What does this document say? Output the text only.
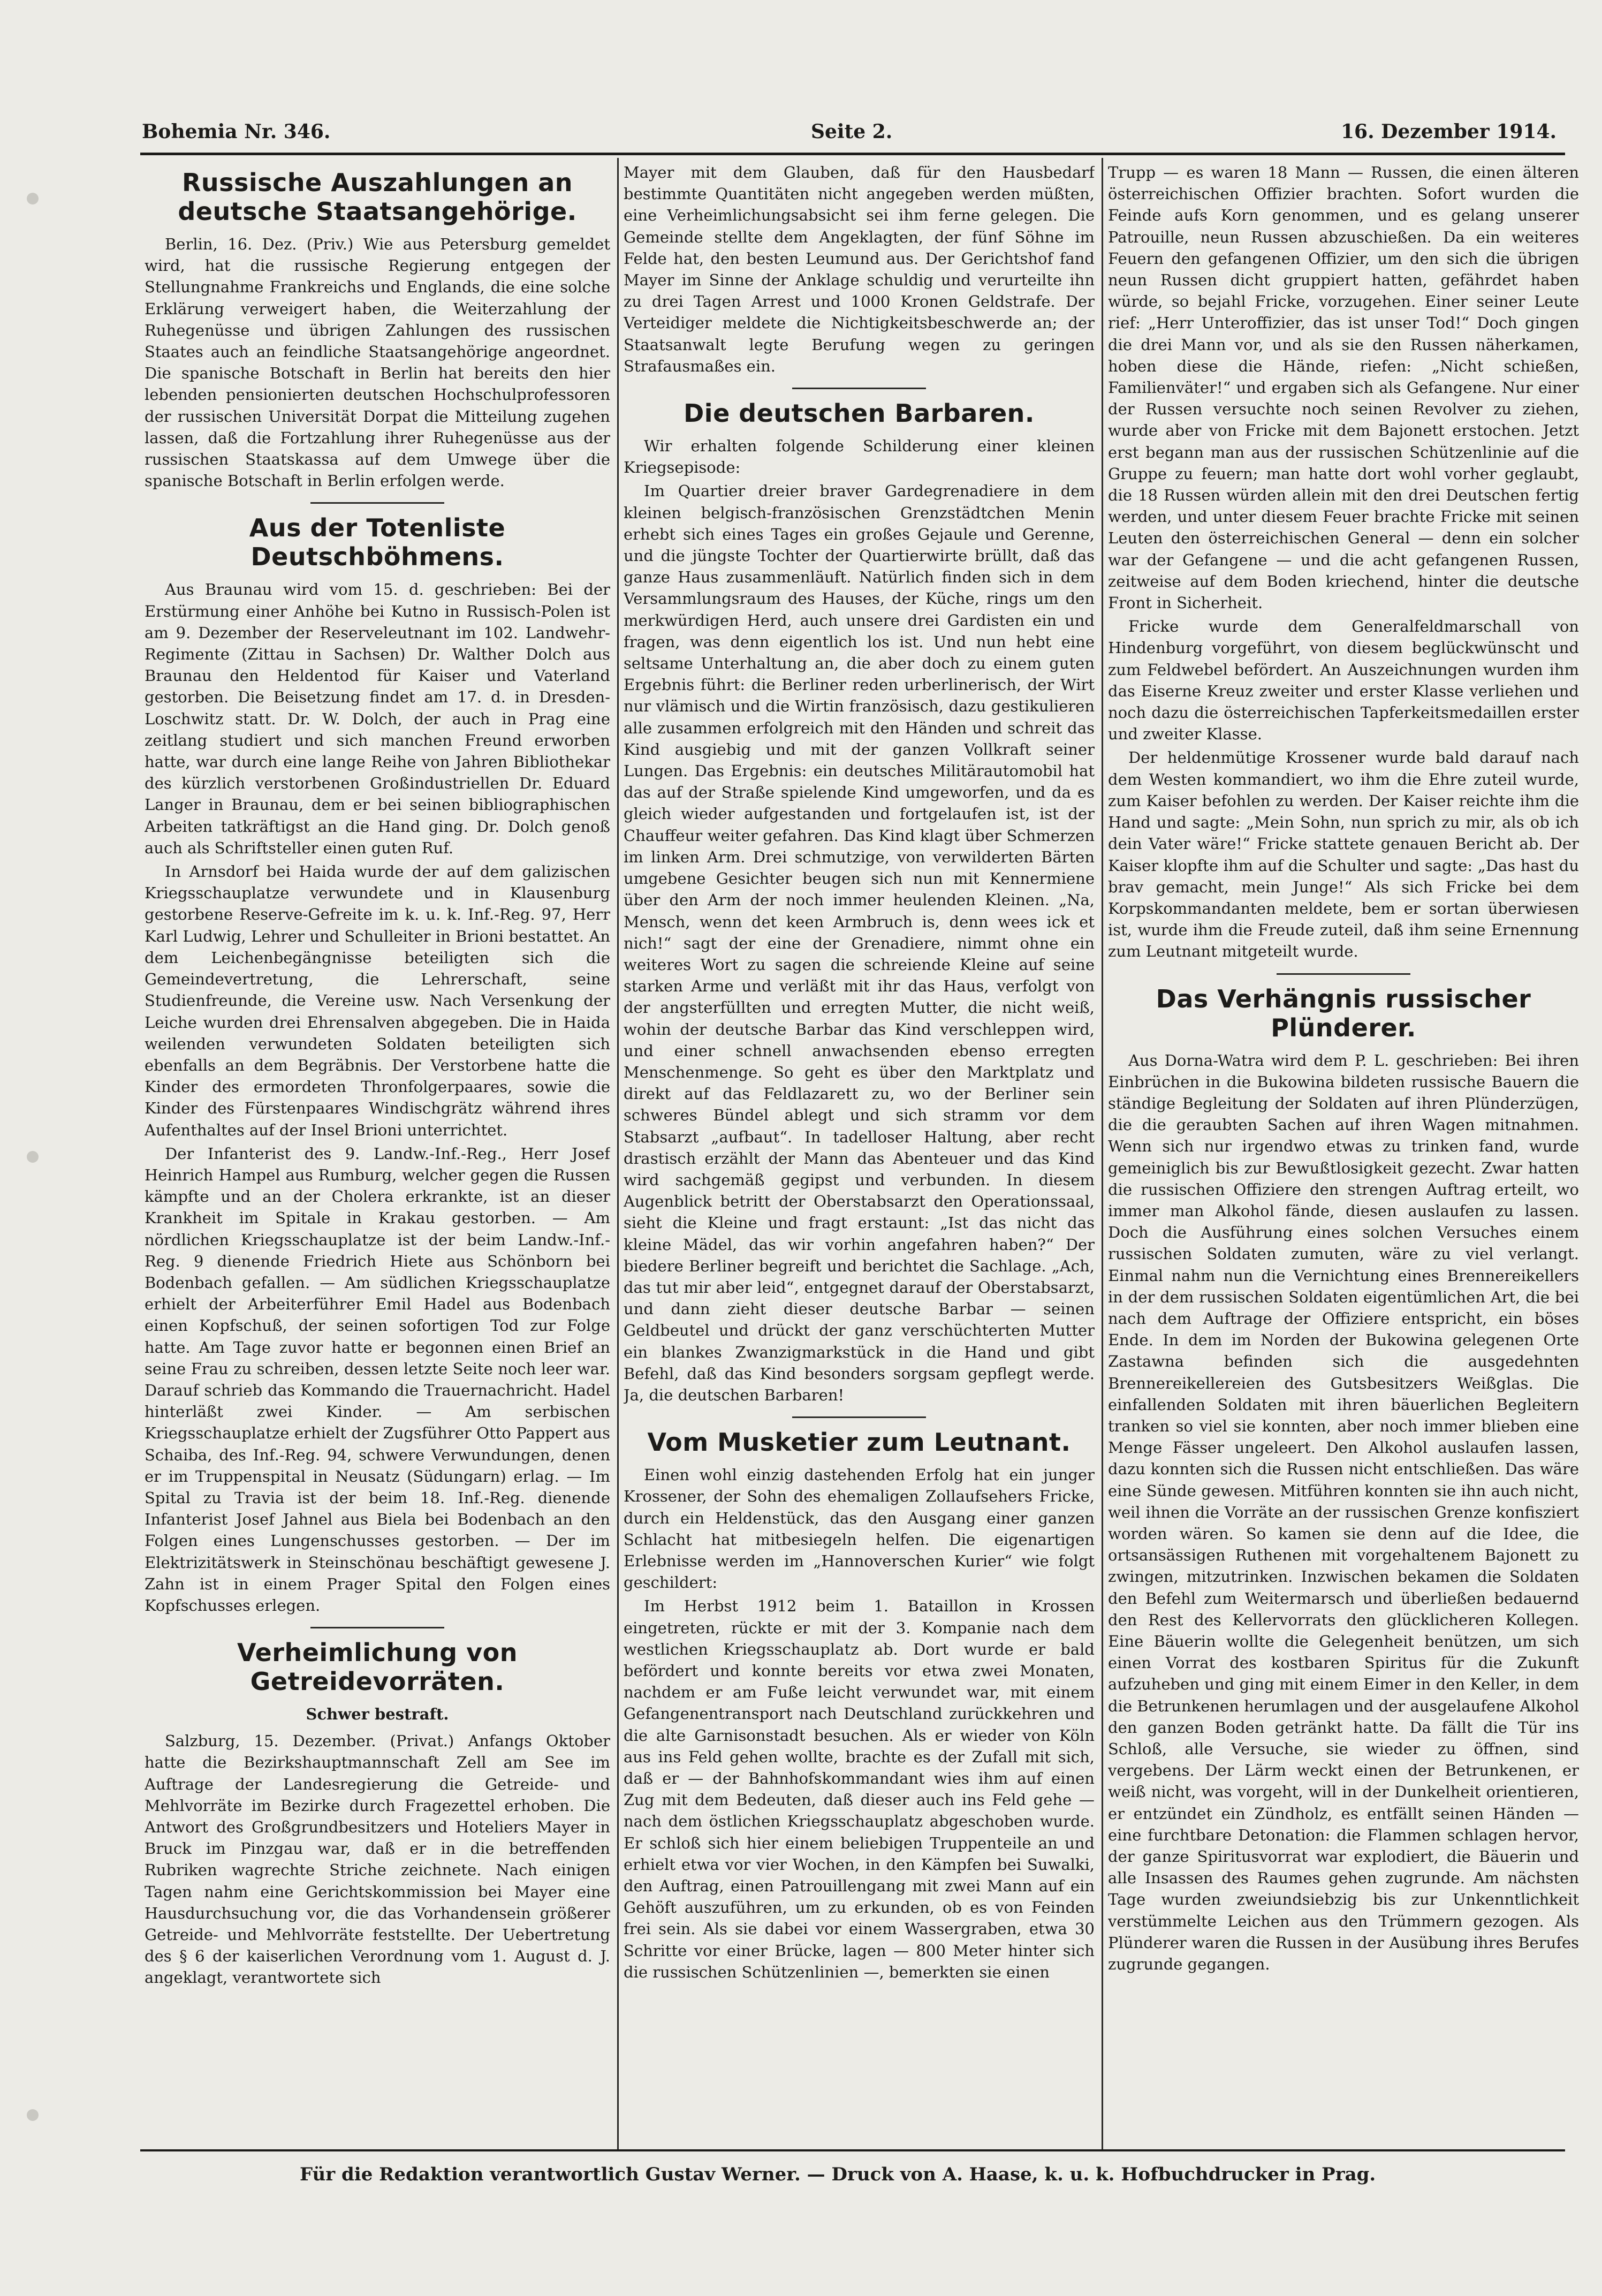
Bohemia Nr. 346.	Seite 2.	16. Dezember 1914.
Russische Auszahlungen an deutsche Staatsangehörige.

Berlin, 16. Dez. (Priv.) Wie aus Petersburg gemeldet wird, hat die russische Regierung entgegen der Stellungnahme Frankreichs und Englands, die eine solche Erklärung verweigert haben, die Weiterzahlung der Ruhegenüsse und übrigen Zahlungen des russischen Staates auch an feindliche Staatsangehörige angeordnet. Die spanische Botschaft in Berlin hat bereits den hier lebenden pensionierten deutschen Hochschulprofessoren der russischen Universität Dorpat die Mitteilung zugehen lassen, daß die Fortzahlung ihrer Ruhegenüsse aus der russischen Staatskassa auf dem Umwege über die spanische Botschaft in Berlin erfolgen werde.

Aus der Totenliste Deutschböhmens.

Aus Braunau wird vom 15. d. geschrieben: Bei der Erstürmung einer Anhöhe bei Kutno in Russisch-Polen ist am 9. Dezember der Reserveleutnant im 102. Landwehr-Regimente (Zittau in Sachsen) Dr. Walther Dolch aus Braunau den Heldentod für Kaiser und Vaterland gestorben. Die Beisetzung findet am 17. d. in Dresden-Loschwitz statt. Dr. W. Dolch, der auch in Prag eine zeitlang studiert und sich manchen Freund erworben hatte, war durch eine lange Reihe von Jahren Bibliothekar des kürzlich verstorbenen Großindustriellen Dr. Eduard Langer in Braunau, dem er bei seinen bibliographischen Arbeiten tatkräftigst an die Hand ging. Dr. Dolch genoß auch als Schriftsteller einen guten Ruf.

In Arnsdorf bei Haida wurde der auf dem galizischen Kriegsschauplatze verwundete und in Klausenburg gestorbene Reserve-Gefreite im k. u. k. Inf.-Reg. 97, Herr Karl Ludwig, Lehrer und Schulleiter in Brioni bestattet. An dem Leichenbegängnisse beteiligten sich die Gemeindevertretung, die Lehrerschaft, seine Studienfreunde, die Vereine usw. Nach Versenkung der Leiche wurden drei Ehrensalven abgegeben. Die in Haida weilenden verwundeten Soldaten beteiligten sich ebenfalls an dem Begräbnis. Der Verstorbene hatte die Kinder des ermordeten Thronfolgerpaares, sowie die Kinder des Fürstenpaares Windischgrätz während ihres Aufenthaltes auf der Insel Brioni unterrichtet.

Der Infanterist des 9. Landw.-Inf.-Reg., Herr Josef Heinrich Hampel aus Rumburg, welcher gegen die Russen kämpfte und an der Cholera erkrankte, ist an dieser Krankheit im Spitale in Krakau gestorben. — Am nördlichen Kriegsschauplatze ist der beim Landw.-Inf.-Reg. 9 dienende Friedrich Hiete aus Schönborn bei Bodenbach gefallen. — Am südlichen Kriegsschauplatze erhielt der Arbeiterführer Emil Hadel aus Bodenbach einen Kopfschuß, der seinen sofortigen Tod zur Folge hatte. Am Tage zuvor hatte er begonnen einen Brief an seine Frau zu schreiben, dessen letzte Seite noch leer war. Darauf schrieb das Kommando die Trauernachricht. Hadel hinterläßt zwei Kinder. — Am serbischen Kriegsschauplatze erhielt der Zugsführer Otto Pappert aus Schaiba, des Inf.-Reg. 94, schwere Verwundungen, denen er im Truppenspital in Neusatz (Südungarn) erlag. — Im Spital zu Travia ist der beim 18. Inf.-Reg. dienende Infanterist Josef Jahnel aus Biela bei Bodenbach an den Folgen eines Lungenschusses gestorben. — Der im Elektrizitätswerk in Steinschönau beschäftigt gewesene J. Zahn ist in einem Prager Spital den Folgen eines Kopfschusses erlegen.

Verheimlichung von Getreidevorräten.
Schwer bestraft.

Salzburg, 15. Dezember. (Privat.) Anfangs Oktober hatte die Bezirkshauptmannschaft Zell am See im Auftrage der Landesregierung die Getreide- und Mehlvorräte im Bezirke durch Fragezettel erhoben. Die Antwort des Großgrundbesitzers und Hoteliers Mayer in Bruck im Pinzgau war, daß er in die betreffenden Rubriken wagrechte Striche zeichnete. Nach einigen Tagen nahm eine Gerichtskommission bei Mayer eine Hausdurchsuchung vor, die das Vorhandensein größerer Getreide- und Mehlvorräte feststellte. Der Uebertretung des § 6 der kaiserlichen Verordnung vom 1. August d. J. angeklagt, verantwortete sich

Mayer mit dem Glauben, daß für den Hausbedarf bestimmte Quantitäten nicht angegeben werden müßten, eine Verheimlichungsabsicht sei ihm ferne gelegen. Die Gemeinde stellte dem Angeklagten, der fünf Söhne im Felde hat, den besten Leumund aus. Der Gerichtshof fand Mayer im Sinne der Anklage schuldig und verurteilte ihn zu drei Tagen Arrest und 1000 Kronen Geldstrafe. Der Verteidiger meldete die Nichtigkeitsbeschwerde an; der Staatsanwalt legte Berufung wegen zu geringen Strafausmaßes ein.

Die deutschen Barbaren.

Wir erhalten folgende Schilderung einer kleinen Kriegsepisode:

Im Quartier dreier braver Gardegrenadiere in dem kleinen belgisch-französischen Grenzstädtchen Menin erhebt sich eines Tages ein großes Gejaule und Gerenne, und die jüngste Tochter der Quartierwirte brüllt, daß das ganze Haus zusammenläuft. Natürlich finden sich in dem Versammlungsraum des Hauses, der Küche, rings um den merkwürdigen Herd, auch unsere drei Gardisten ein und fragen, was denn eigentlich los ist. Und nun hebt eine seltsame Unterhaltung an, die aber doch zu einem guten Ergebnis führt: die Berliner reden urberlinerisch, der Wirt nur vlämisch und die Wirtin französisch, dazu gestikulieren alle zusammen erfolgreich mit den Händen und schreit das Kind ausgiebig und mit der ganzen Vollkraft seiner Lungen. Das Ergebnis: ein deutsches Militärautomobil hat das auf der Straße spielende Kind umgeworfen, und da es gleich wieder aufgestanden und fortgelaufen ist, ist der Chauffeur weiter gefahren. Das Kind klagt über Schmerzen im linken Arm. Drei schmutzige, von verwilderten Bärten umgebene Gesichter beugen sich nun mit Kennermiene über den Arm der noch immer heulenden Kleinen. „Na, Mensch, wenn det keen Armbruch is, denn wees ick et nich!“ sagt der eine der Grenadiere, nimmt ohne ein weiteres Wort zu sagen die schreiende Kleine auf seine starken Arme und verläßt mit ihr das Haus, verfolgt von der angsterfüllten und erregten Mutter, die nicht weiß, wohin der deutsche Barbar das Kind verschleppen wird, und einer schnell anwachsenden ebenso erregten Menschenmenge. So geht es über den Marktplatz und direkt auf das Feldlazarett zu, wo der Berliner sein schweres Bündel ablegt und sich stramm vor dem Stabsarzt „aufbaut“. In tadelloser Haltung, aber recht drastisch erzählt der Mann das Abenteuer und das Kind wird sachgemäß gegipst und verbunden. In diesem Augenblick betritt der Oberstabsarzt den Operationssaal, sieht die Kleine und fragt erstaunt: „Ist das nicht das kleine Mädel, das wir vorhin angefahren haben?“ Der biedere Berliner begreift und berichtet die Sachlage. „Ach, das tut mir aber leid“, entgegnet darauf der Oberstabsarzt, und dann zieht dieser deutsche Barbar — seinen Geldbeutel und drückt der ganz verschüchterten Mutter ein blankes Zwanzigmarkstück in die Hand und gibt Befehl, daß das Kind besonders sorgsam gepflegt werde. Ja, die deutschen Barbaren!

Vom Musketier zum Leutnant.

Einen wohl einzig dastehenden Erfolg hat ein junger Krossener, der Sohn des ehemaligen Zollaufsehers Fricke, durch ein Heldenstück, das den Ausgang einer ganzen Schlacht hat mitbesiegeln helfen. Die eigenartigen Erlebnisse werden im „Hannoverschen Kurier“ wie folgt geschildert:

Im Herbst 1912 beim 1. Bataillon in Krossen eingetreten, rückte er mit der 3. Kompanie nach dem westlichen Kriegsschauplatz ab. Dort wurde er bald befördert und konnte bereits vor etwa zwei Monaten, nachdem er am Fuße leicht verwundet war, mit einem Gefangenentransport nach Deutschland zurückkehren und die alte Garnisonstadt besuchen. Als er wieder von Köln aus ins Feld gehen wollte, brachte es der Zufall mit sich, daß er — der Bahnhofskommandant wies ihm auf einen Zug mit dem Bedeuten, daß dieser auch ins Feld gehe — nach dem östlichen Kriegsschauplatz abgeschoben wurde. Er schloß sich hier einem beliebigen Truppenteile an und erhielt etwa vor vier Wochen, in den Kämpfen bei Suwalki, den Auftrag, einen Patrouillengang mit zwei Mann auf ein Gehöft auszuführen, um zu erkunden, ob es von Feinden frei sein. Als sie dabei vor einem Wassergraben, etwa 30 Schritte vor einer Brücke, lagen — 800 Meter hinter sich die russischen Schützenlinien —, bemerkten sie einen

Trupp — es waren 18 Mann — Russen, die einen älteren österreichischen Offizier brachten. Sofort wurden die Feinde aufs Korn genommen, und es gelang unserer Patrouille, neun Russen abzuschießen. Da ein weiteres Feuern den gefangenen Offizier, um den sich die übrigen neun Russen dicht gruppiert hatten, gefährdet haben würde, so bejahl Fricke, vorzugehen. Einer seiner Leute rief: „Herr Unteroffizier, das ist unser Tod!“ Doch gingen die drei Mann vor, und als sie den Russen näherkamen, hoben diese die Hände, riefen: „Nicht schießen, Familienväter!“ und ergaben sich als Gefangene. Nur einer der Russen versuchte noch seinen Revolver zu ziehen, wurde aber von Fricke mit dem Bajonett erstochen. Jetzt erst begann man aus der russischen Schützenlinie auf die Gruppe zu feuern; man hatte dort wohl vorher geglaubt, die 18 Russen würden allein mit den drei Deutschen fertig werden, und unter diesem Feuer brachte Fricke mit seinen Leuten den österreichischen General — denn ein solcher war der Gefangene — und die acht gefangenen Russen, zeitweise auf dem Boden kriechend, hinter die deutsche Front in Sicherheit.

Fricke wurde dem Generalfeldmarschall von Hindenburg vorgeführt, von diesem beglückwünscht und zum Feldwebel befördert. An Auszeichnungen wurden ihm das Eiserne Kreuz zweiter und erster Klasse verliehen und noch dazu die österreichischen Tapferkeitsmedaillen erster und zweiter Klasse.

Der heldenmütige Krossener wurde bald darauf nach dem Westen kommandiert, wo ihm die Ehre zuteil wurde, zum Kaiser befohlen zu werden. Der Kaiser reichte ihm die Hand und sagte: „Mein Sohn, nun sprich zu mir, als ob ich dein Vater wäre!“ Fricke stattete genauen Bericht ab. Der Kaiser klopfte ihm auf die Schulter und sagte: „Das hast du brav gemacht, mein Junge!“ Als sich Fricke bei dem Korpskommandanten meldete, bem er sortan überwiesen ist, wurde ihm die Freude zuteil, daß ihm seine Ernennung zum Leutnant mitgeteilt wurde.

Das Verhängnis russischer Plünderer.

Aus Dorna-Watra wird dem P. L. geschrieben: Bei ihren Einbrüchen in die Bukowina bildeten russische Bauern die ständige Begleitung der Soldaten auf ihren Plünderzügen, die die geraubten Sachen auf ihren Wagen mitnahmen. Wenn sich nur irgendwo etwas zu trinken fand, wurde gemeiniglich bis zur Bewußtlosigkeit gezecht. Zwar hatten die russischen Offiziere den strengen Auftrag erteilt, wo immer man Alkohol fände, diesen auslaufen zu lassen. Doch die Ausführung eines solchen Versuches einem russischen Soldaten zumuten, wäre zu viel verlangt. Einmal nahm nun die Vernichtung eines Brennereikellers in der dem russischen Soldaten eigentümlichen Art, die bei nach dem Auftrage der Offiziere entspricht, ein böses Ende. In dem im Norden der Bukowina gelegenen Orte Zastawna befinden sich die ausgedehnten Brennereikellereien des Gutsbesitzers Weißglas. Die einfallenden Soldaten mit ihren bäuerlichen Begleitern tranken so viel sie konnten, aber noch immer blieben eine Menge Fässer ungeleert. Den Alkohol auslaufen lassen, dazu konnten sich die Russen nicht entschließen. Das wäre eine Sünde gewesen. Mitführen konnten sie ihn auch nicht, weil ihnen die Vorräte an der russischen Grenze konfisziert worden wären. So kamen sie denn auf die Idee, die ortsansässigen Ruthenen mit vorgehaltenem Bajonett zu zwingen, mitzutrinken. Inzwischen bekamen die Soldaten den Befehl zum Weitermarsch und überließen bedauernd den Rest des Kellervorrats den glücklicheren Kollegen. Eine Bäuerin wollte die Gelegenheit benützen, um sich einen Vorrat des kostbaren Spiritus für die Zukunft aufzuheben und ging mit einem Eimer in den Keller, in dem die Betrunkenen herumlagen und der ausgelaufene Alkohol den ganzen Boden getränkt hatte. Da fällt die Tür ins Schloß, alle Versuche, sie wieder zu öffnen, sind vergebens. Der Lärm weckt einen der Betrunkenen, er weiß nicht, was vorgeht, will in der Dunkelheit orientieren, er entzündet ein Zündholz, es entfällt seinen Händen — eine furchtbare Detonation: die Flammen schlagen hervor, der ganze Spiritusvorrat war explodiert, die Bäuerin und alle Insassen des Raumes gehen zugrunde. Am nächsten Tage wurden zweiundsiebzig bis zur Unkenntlichkeit verstümmelte Leichen aus den Trümmern gezogen. Als Plünderer waren die Russen in der Ausübung ihres Berufes zugrunde gegangen.

Für die Redaktion verantwortlich Gustav Werner. — Druck von A. Haase, k. u. k. Hofbuchdrucker in Prag.
